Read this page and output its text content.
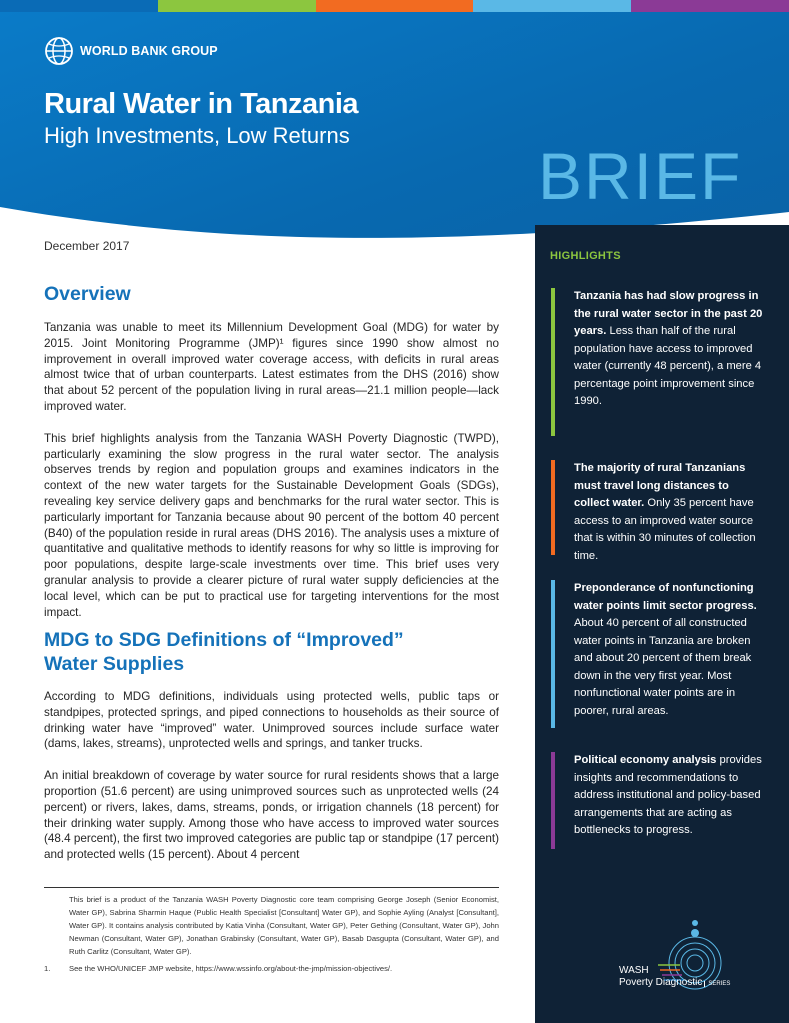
WORLD BANK GROUP
Rural Water in Tanzania
High Investments, Low Returns
BRIEF
HIGHLIGHTS
Tanzania has had slow progress in the rural water sector in the past 20 years. Less than half of the rural population have access to improved water (currently 48 percent), a mere 4 percentage point improvement since 1990.
The majority of rural Tanzanians must travel long distances to collect water. Only 35 percent have access to an improved water source that is within 30 minutes of collection time.
Preponderance of nonfunctioning water points limit sector progress. About 40 percent of all constructed water points in Tanzania are broken and about 20 percent of them break down in the very first year. Most nonfunctional water points are in poorer, rural areas.
Political economy analysis provides insights and recommendations to address institutional and policy-based arrangements that are acting as bottlenecks to progress.
WASH
Poverty Diagnostic SERIES
December 2017
Overview

Tanzania was unable to meet its Millennium Development Goal (MDG) for water by 2015. Joint Monitoring Programme (JMP)¹ figures since 1990 show almost no improvement in overall improved water coverage access, with deficits in rural areas almost twice that of urban counterparts. Latest estimates from the DHS (2016) show that about 52 percent of the population living in rural areas—21.1 million people—lack improved water.

This brief highlights analysis from the Tanzania WASH Poverty Diagnostic (TWPD), particularly examining the slow progress in the rural water sector. The analysis observes trends by region and population groups and examines indicators in the context of the new water targets for the Sustainable Development Goals (SDGs), revealing key service delivery gaps and benchmarks for the rural water sector. This is particularly important for Tanzania because about 90 percent of the bottom 40 percent (B40) of the population reside in rural areas (DHS 2016). The analysis uses a mixture of quantitative and qualitative methods to identify reasons for why so little is improving for poor populations, despite large-scale investments over time. This brief uses very granular analysis to provide a clearer picture of rural water supply deficiencies at the local level, which can be put to practical use for targeting interventions for the most impact.

MDG to SDG Definitions of “Improved”
Water Supplies

According to MDG definitions, individuals using protected wells, public taps or standpipes, protected springs, and piped connections to households as their source of drinking water have “improved” water. Unimproved sources include surface water (dams, lakes, streams), unprotected wells and springs, and tanker trucks.

An initial breakdown of coverage by water source for rural residents shows that a large proportion (51.6 percent) are using unimproved sources such as unprotected wells (24 percent) or rivers, lakes, dams, streams, ponds, or irrigation channels (18 percent) for their drinking water supply. Among those who have access to improved water sources (48.4 percent), the first two improved categories are public tap or standpipe (17 percent) and protected wells (15 percent). About 4 percent

This brief is a product of the Tanzania WASH Poverty Diagnostic core team comprising George Joseph (Senior Economist, Water GP), Sabrina Sharmin Haque (Public Health Specialist [Consultant] Water GP), and Sophie Ayling (Analyst [Consultant], Water GP). It contains analysis contributed by Katia Vinha (Consultant, Water GP), Peter Gething (Consultant, Water GP), John Newman (Consultant, Water GP), Jonathan Grabinsky (Consultant, Water GP), Basab Dasgupta (Consultant, Water GP), and Ruth Carlitz (Consultant, Water GP).
1. See the WHO/UNICEF JMP website, https://www.wssinfo.org/about-the-jmp/mission-objectives/.
